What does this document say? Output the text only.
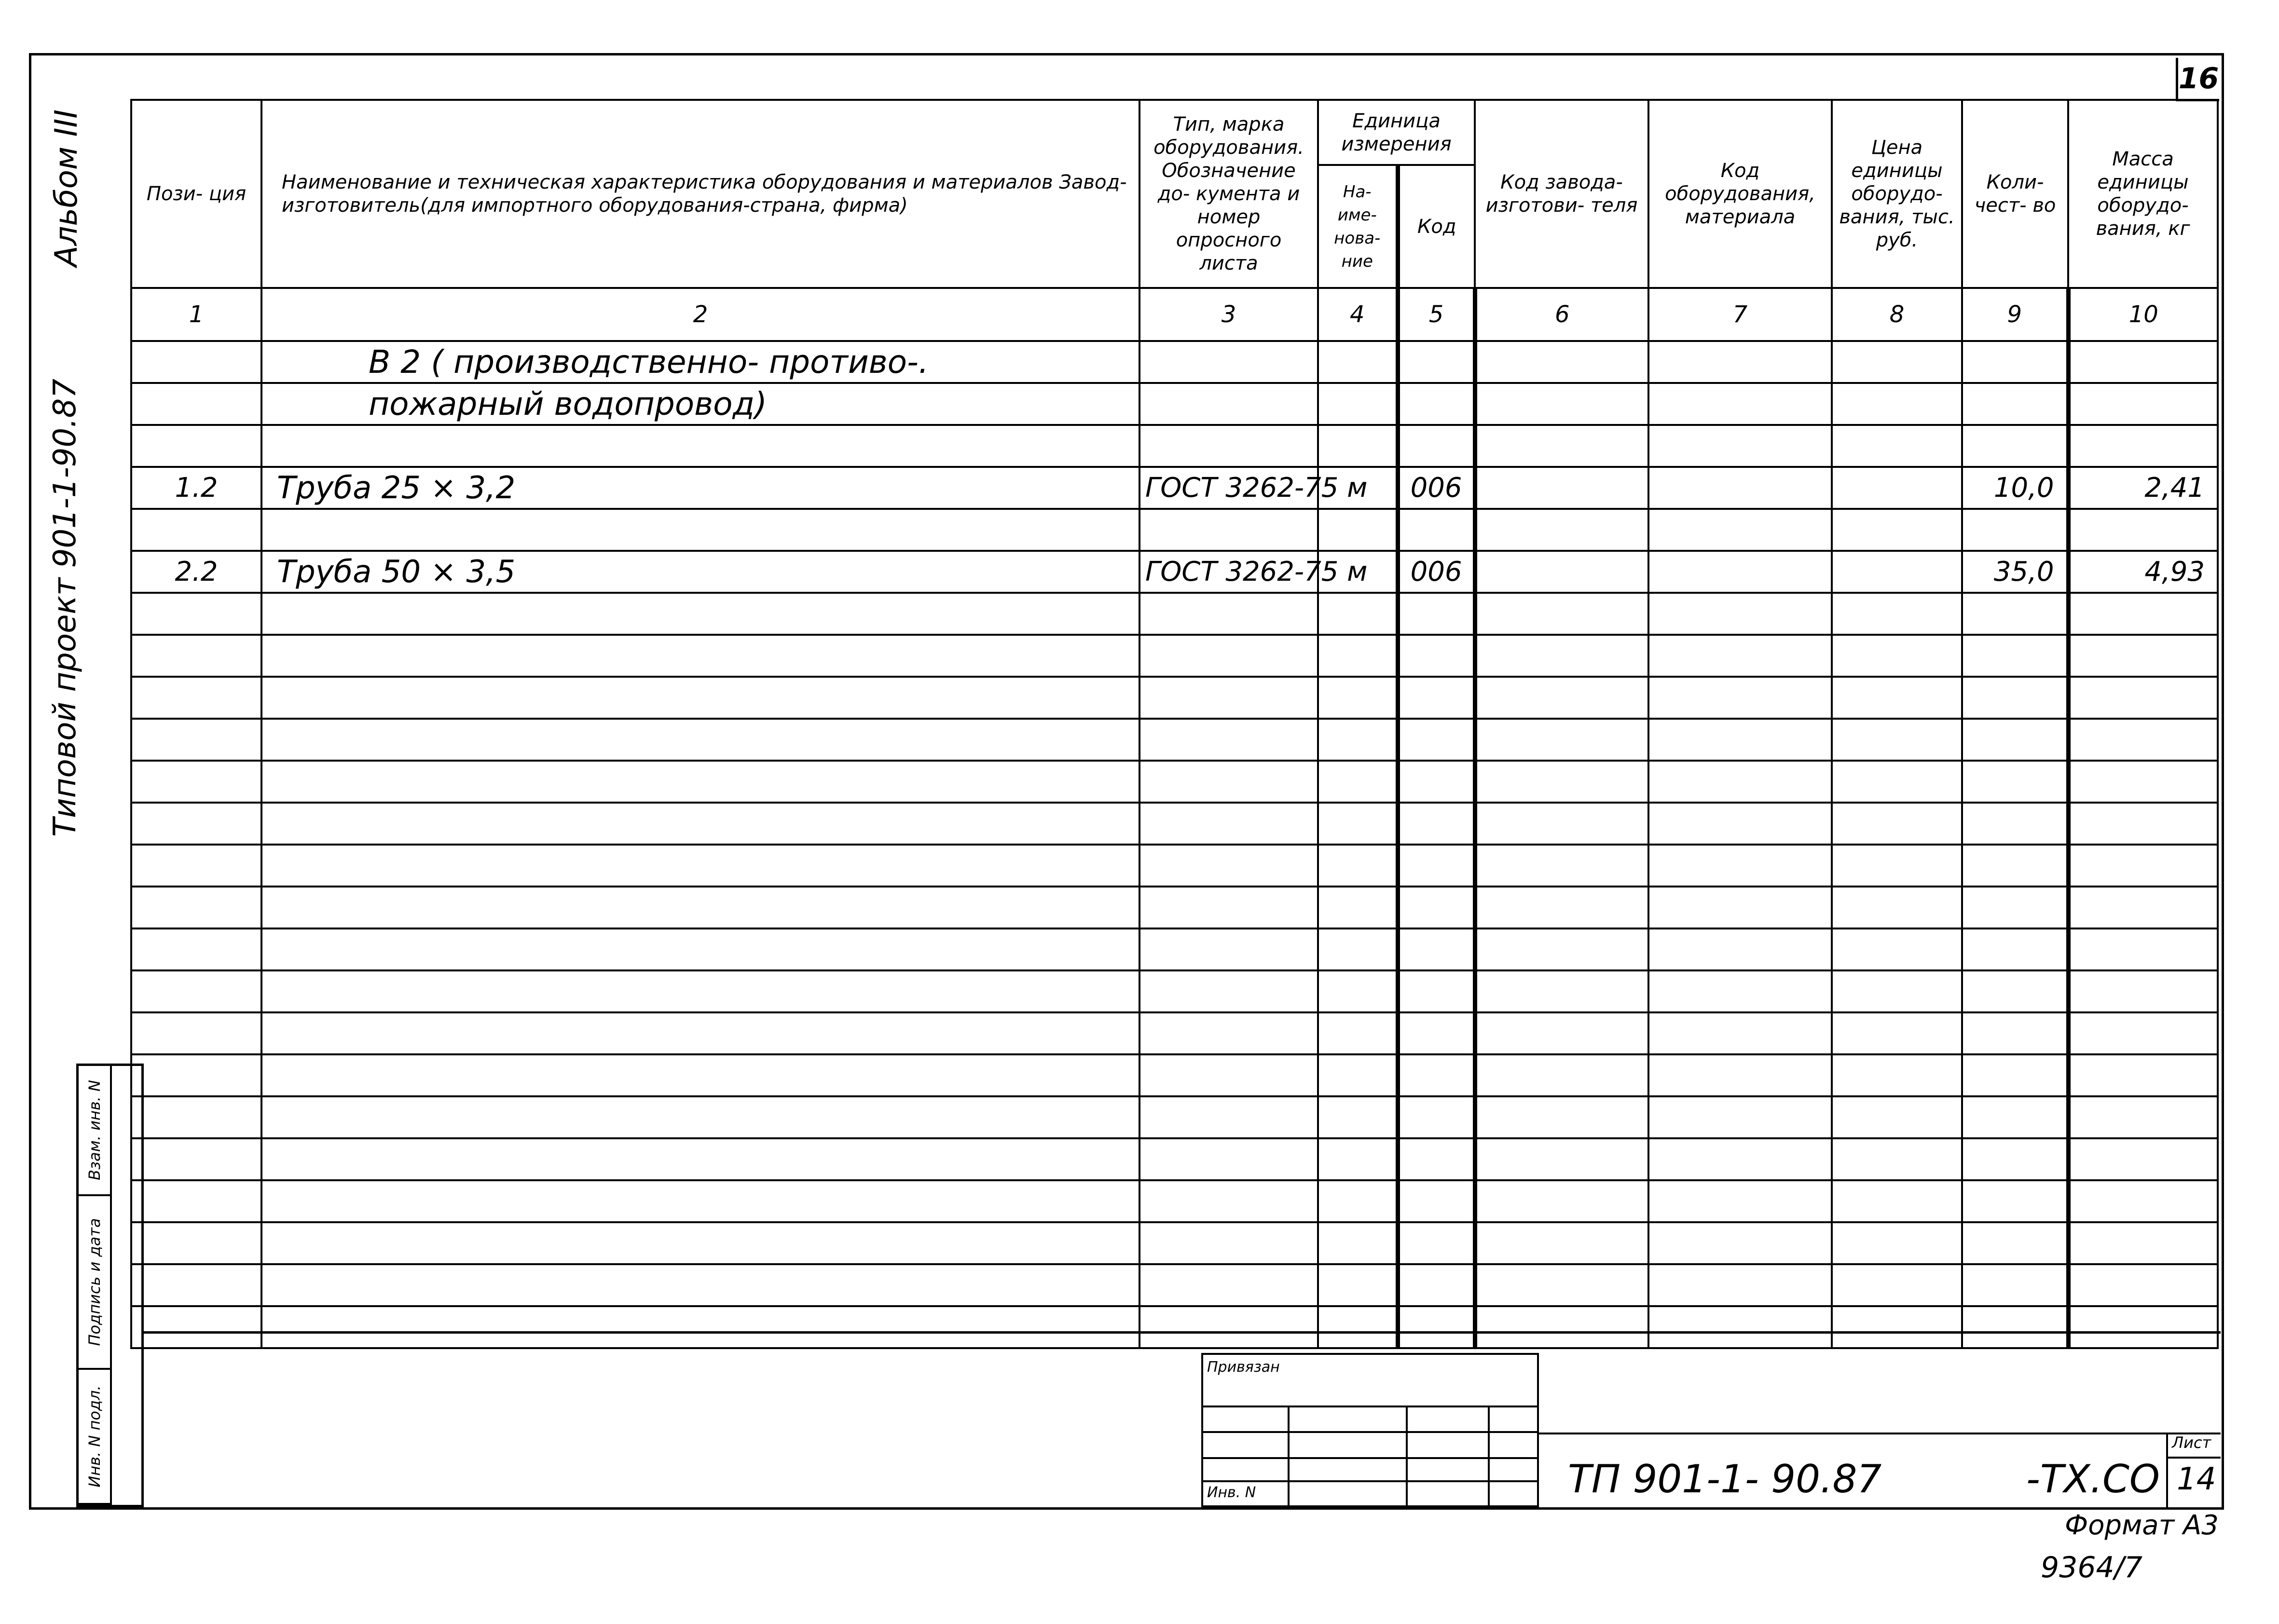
16
Альбом III
Типовой проект 901-1-90.87
Инв. N подл.
Подпись и дата
Взам. инв. N
Пози- ция	Наименование и техническая характеристика оборудования и материалов Завод-изготовитель(для импортного оборудования-страна, фирма)	Тип, марка оборудования. Обозначение до- кумента и номер опросного листа	Единица измерения		Код завода- изготови- теля	Код оборудования, материала	Цена единицы оборудо- вания, тыс. руб.	Коли- чест- во	Масса единицы оборудо- вания, кг
			На- име- нова- ние	Код					
1	2	3	4	5	6	7	8	9	10
	В 2 ( производственно- противо-.								
	пожарный водопровод)								

1.2	Труба 25 × 3,2	ГОСТ 3262-75	м	006				10,0	2,41

2.2	Труба 50 × 3,5	ГОСТ 3262-75	м	006				35,0	4,93

Привязан
Инв. N	ТП 901-1- 90.87	-ТХ.СО
Лист
14
Формат А3
9364/7
